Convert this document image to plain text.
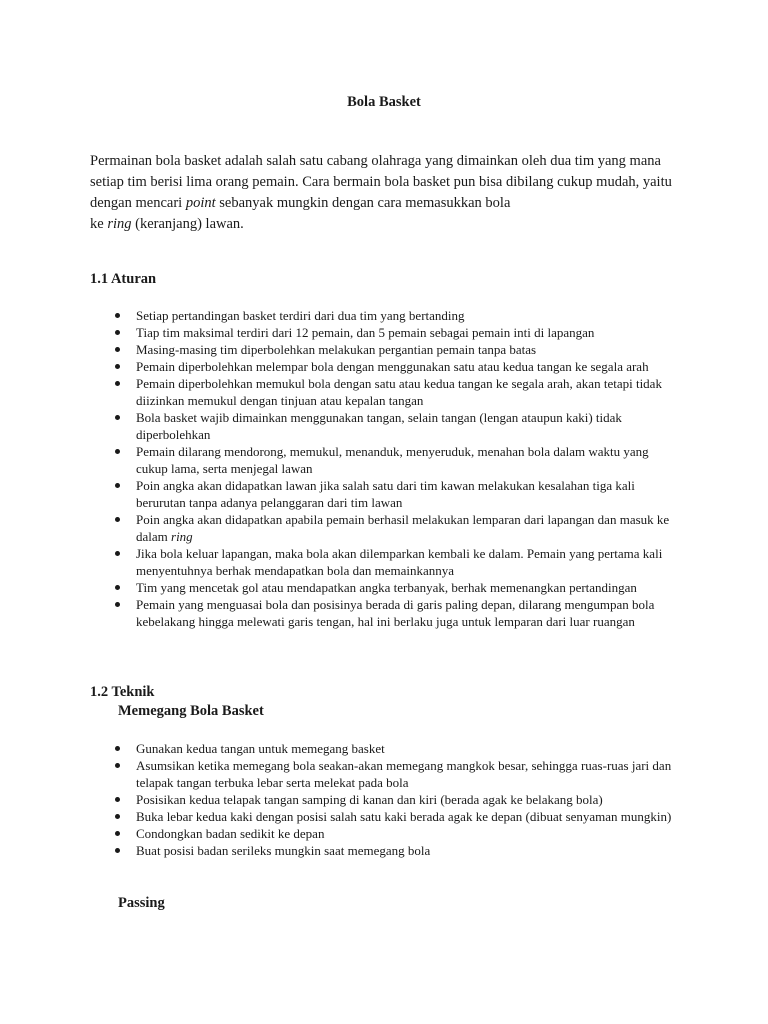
Bola Basket

Permainan bola basket adalah salah satu cabang olahraga yang dimainkan oleh dua tim yang mana setiap tim berisi lima orang pemain. Cara bermain bola basket pun bisa dibilang cukup mudah, yaitu dengan mencari point sebanyak mungkin dengan cara memasukkan bola
ke ring (keranjang) lawan.

1.1 Aturan
Setiap pertandingan basket terdiri dari dua tim yang bertanding
Tiap tim maksimal terdiri dari 12 pemain, dan 5 pemain sebagai pemain inti di lapangan
Masing-masing tim diperbolehkan melakukan pergantian pemain tanpa batas
Pemain diperbolehkan melempar bola dengan menggunakan satu atau kedua tangan ke segala arah
Pemain diperbolehkan memukul bola dengan satu atau kedua tangan ke segala arah, akan tetapi tidak diizinkan memukul dengan tinjuan atau kepalan tangan
Bola basket wajib dimainkan menggunakan tangan, selain tangan (lengan ataupun kaki) tidak diperbolehkan
Pemain dilarang mendorong, memukul, menanduk, menyeruduk, menahan bola dalam waktu yang cukup lama, serta menjegal lawan
Poin angka akan didapatkan lawan jika salah satu dari tim kawan melakukan kesalahan tiga kali berurutan tanpa adanya pelanggaran dari tim lawan
Poin angka akan didapatkan apabila pemain berhasil melakukan lemparan dari lapangan dan masuk ke dalam ring
Jika bola keluar lapangan, maka bola akan dilemparkan kembali ke dalam. Pemain yang pertama kali menyentuhnya berhak mendapatkan bola dan memainkannya
Tim yang mencetak gol atau mendapatkan angka terbanyak, berhak memenangkan pertandingan
Pemain yang menguasai bola dan posisinya berada di garis paling depan, dilarang mengumpan bola kebelakang hingga melewati garis tengan, hal ini berlaku juga untuk lemparan dari luar ruangan
1.2 Teknik
Memegang Bola Basket
Gunakan kedua tangan untuk memegang basket
Asumsikan ketika memegang bola seakan-akan memegang mangkok besar, sehingga ruas-ruas jari dan telapak tangan terbuka lebar serta melekat pada bola
Posisikan kedua telapak tangan samping di kanan dan kiri (berada agak ke belakang bola)
Buka lebar kedua kaki dengan posisi salah satu kaki berada agak ke depan (dibuat senyaman mungkin)
Condongkan badan sedikit ke depan
Buat posisi badan serileks mungkin saat memegang bola
Passing
